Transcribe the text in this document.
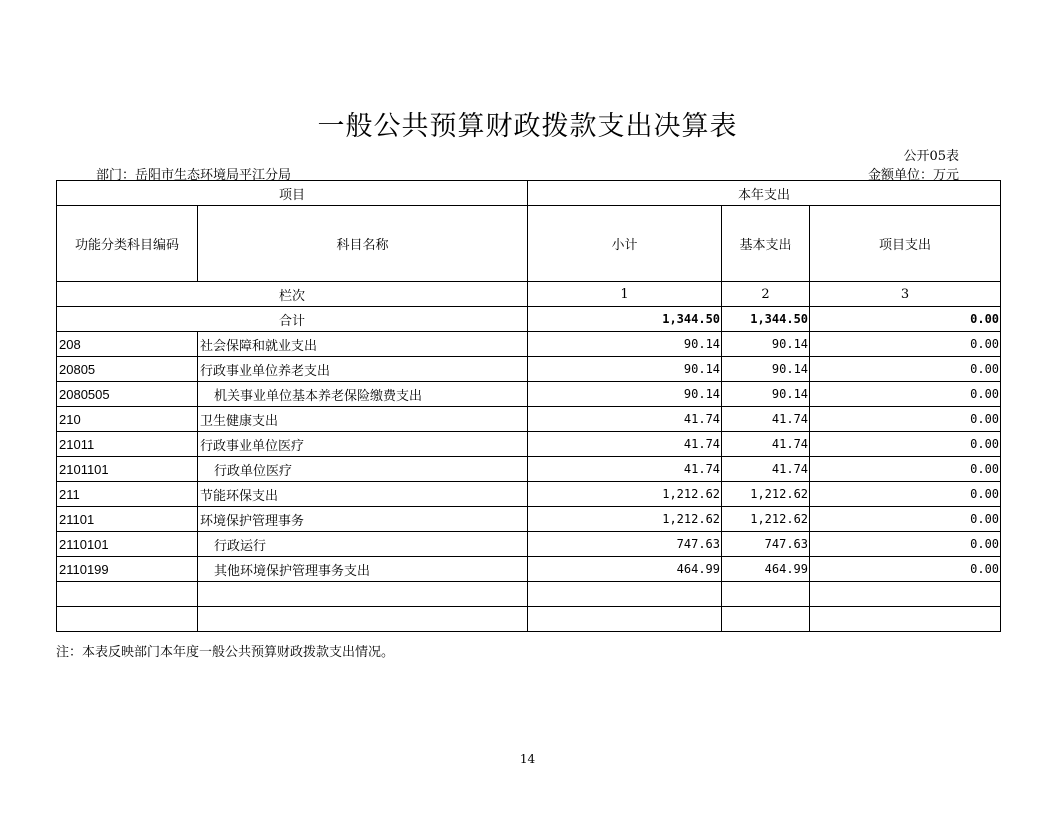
一般公共预算财政拨款支出决算表
公开05表
部门：岳阳市生态环境局平江分局	金额单位：万元
项目		本年支出		
功能分类科目编码	科目名称	小计	基本支出	项目支出
栏次		1	2	3
合计		1,344.50	1,344.50	0.00
208	社会保障和就业支出	90.14	90.14	0.00
20805	行政事业单位养老支出	90.14	90.14	0.00
2080505	机关事业单位基本养老保险缴费支出	90.14	90.14	0.00
210	卫生健康支出	41.74	41.74	0.00
21011	行政事业单位医疗	41.74	41.74	0.00
2101101	行政单位医疗	41.74	41.74	0.00
211	节能环保支出	1,212.62	1,212.62	0.00
21101	环境保护管理事务	1,212.62	1,212.62	0.00
2110101	行政运行	747.63	747.63	0.00
2110199	其他环境保护管理事务支出	464.99	464.99	0.00

注：本表反映部门本年度一般公共预算财政拨款支出情况。
14
